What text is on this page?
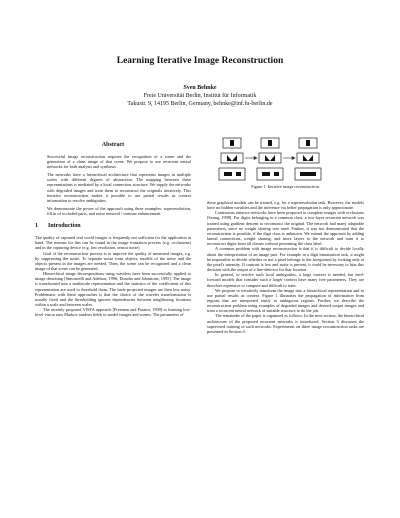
Learning Iterative Image Reconstruction
Sven Behnke
Freie Universität Berlin, Institut für Informatik
Takustr. 9, 14195 Berlin, Germany, behnke@inf.fu-berlin.de
Abstract

Successful image reconstruction requires the recognition of a scene and the generation of a clean image of that scene. We propose to use recurrent neural networks for both analysis and synthesis.

The networks have a hierarchical architecture that represents images in multiple scales with different degrees of abstraction. The mapping between these representations is mediated by a local connection structure. We supply the networks with degraded images and train them to reconstruct the originals iteratively. This iterative reconstruction makes it possible to use partial results as context information to resolve ambiguities.

We demonstrate the power of the approach using three examples: superresolution, fill in of occluded parts, and noise removal / contrast enhancement.

1 Introduction

The quality of captured real world images is frequently not sufficient for the application at hand. The reasons for this can be found in the image formation process (e.g. occlusions) and in the capturing device (e.g. low resolution, sensor noise).

Goal of the reconstruction process is to improve the quality of measured images, e.g. by suppressing the noise. To separate noise from objects, models of the noise and the objects present in the images are needed. Then, the scene can be recognized and a clean image of that scene can be generated.

Hierarchical image decompositions using wavelets have been successfully applied to image denoising [Simoncelli and Adelson, 1996; Donoho and Johnstone, 1995]. The image is transformed into a multiscale representation and the statistics of the coefficients of this representation are used to threshold them. The back-projected images are then less noisy. Problematic with these approaches is that the choice of the wavelet transformation is usually fixed and the thresholding ignores dependencies between neighboring locations within a scale and between scales.

The recently proposed VISTA approach [Freeman and Pasztor, 1999] to learning low-level vision uses Markov random fields to model images and scenes. The parameters of

Figure 1: Iterative image reconstruction.

these graphical models can be trained, e.g. for a superresolution task. However, the models have no hidden variables and the inference via belief propagation is only approximate.

Continuous attractor networks have been proposed to complete images with occlusions [Seung, 1998]. For digits belonging to a common class, a two-layer recurrent network was trained using gradient descent to reconstruct the original. The network had many adaptable parameters, since no weight sharing was used. Further, it was not demonstrated that the reconstruction is possible, if the digit class is unknown. We extend the approach by adding lateral connections, weight sharing, and more layers to the network and train it to reconstruct digits from all classes without presenting the class label.

A common problem with image reconstruction is that it is difficult to decide locally about the interpretation of an image part. For example in a digit binarization task, it might be impossible to decide whether or not a pixel belongs to the foreground by looking only at the pixel's intensity. If contrast is low and noise is present, it could be necessary to bias this decision with the output of a line-detector for that location.

In general, to resolve such local ambiguities, a large context is needed, but feed-forward models that consider such a larger context have many free parameters. They are therefore expensive to compute and difficult to train.

We propose to iteratively transform the image into a hierarchical representation and to use partial results as context. Figure 1 illustrates the propagation of information from regions that are interpreted easily to ambiguous regions. Further, we describe the reconstruction problem using examples of degraded images and desired output images and train a recurrent neural network of suitable structure to do the job.

The remainder of the paper is organized as follows: In the next section, the hierarchical architecture of the proposed recurrent networks is introduced. Section 3 discusses the supervised training of such networks. Experiments on three image reconstruction tasks are presented in Section 4.
